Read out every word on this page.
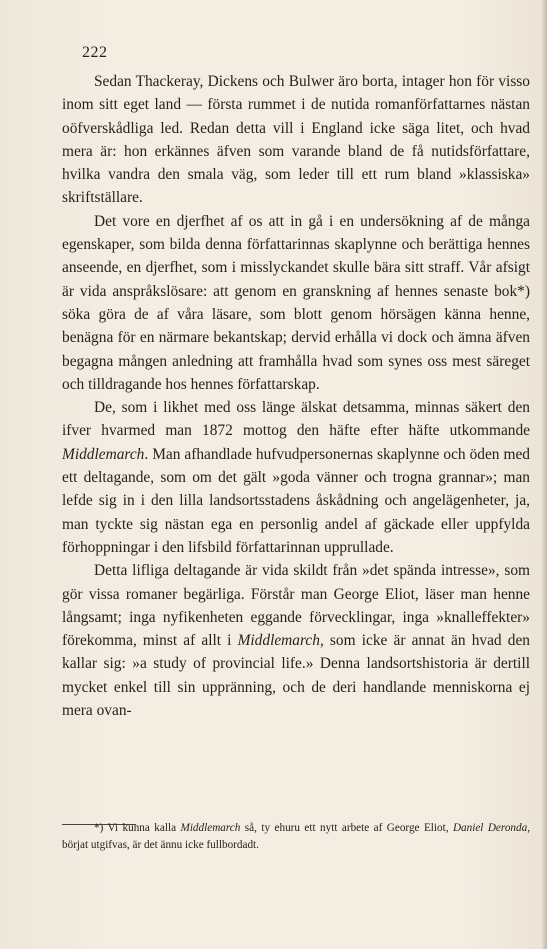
222

Sedan Thackeray, Dickens och Bulwer äro borta, intager hon för visso inom sitt eget land — första rummet i de nutida romanförfattarnes nästan oöfverskådliga led. Redan detta vill i England icke säga litet, och hvad mera är: hon erkännes äfven som varande bland de få nutidsförfattare, hvilka vandra den smala väg, som leder till ett rum bland »klassiska» skriftställare.

Det vore en djerfhet af os att in gå i en undersökning af de många egenskaper, som bilda denna författarinnas skaplynne och berättiga hennes anseende, en djerfhet, som i misslyckandet skulle bära sitt straff. Vår afsigt är vida anspråkslösare: att genom en granskning af hennes senaste bok*) söka göra de af våra läsare, som blott genom hörsägen känna henne, benägna för en närmare bekantskap; dervid erhålla vi dock och ämna äfven begagna mången anledning att framhålla hvad som synes oss mest säreget och tilldragande hos hennes författarskap.

De, som i likhet med oss länge älskat detsamma, minnas säkert den ifver hvarmed man 1872 mottog den häfte efter häfte utkommande Middlemarch. Man afhandlade hufvudpersonernas skaplynne och öden med ett deltagande, som om det gält »goda vänner och trogna grannar»; man lefde sig in i den lilla landsortsstadens åskådning och angelägenheter, ja, man tyckte sig nästan ega en personlig andel af gäckade eller uppfylda förhoppningar i den lifsbild författarinnan upprullade.

Detta lifliga deltagande är vida skildt från »det spända intresse», som gör vissa romaner begärliga. Förstår man George Eliot, läser man henne långsamt; inga nyfikenheten eggande förvecklingar, inga »knalleffekter» förekomma, minst af allt i Middlemarch, som icke är annat än hvad den kallar sig: »a study of provincial life.» Denna landsortshistoria är dertill mycket enkel till sin uppränning, och de deri handlande menniskorna ej mera ovan-

*) Vi kunna kalla Middlemarch så, ty ehuru ett nytt arbete af George Eliot, Daniel Deronda, börjat utgifvas, är det ännu icke fullbordadt.
